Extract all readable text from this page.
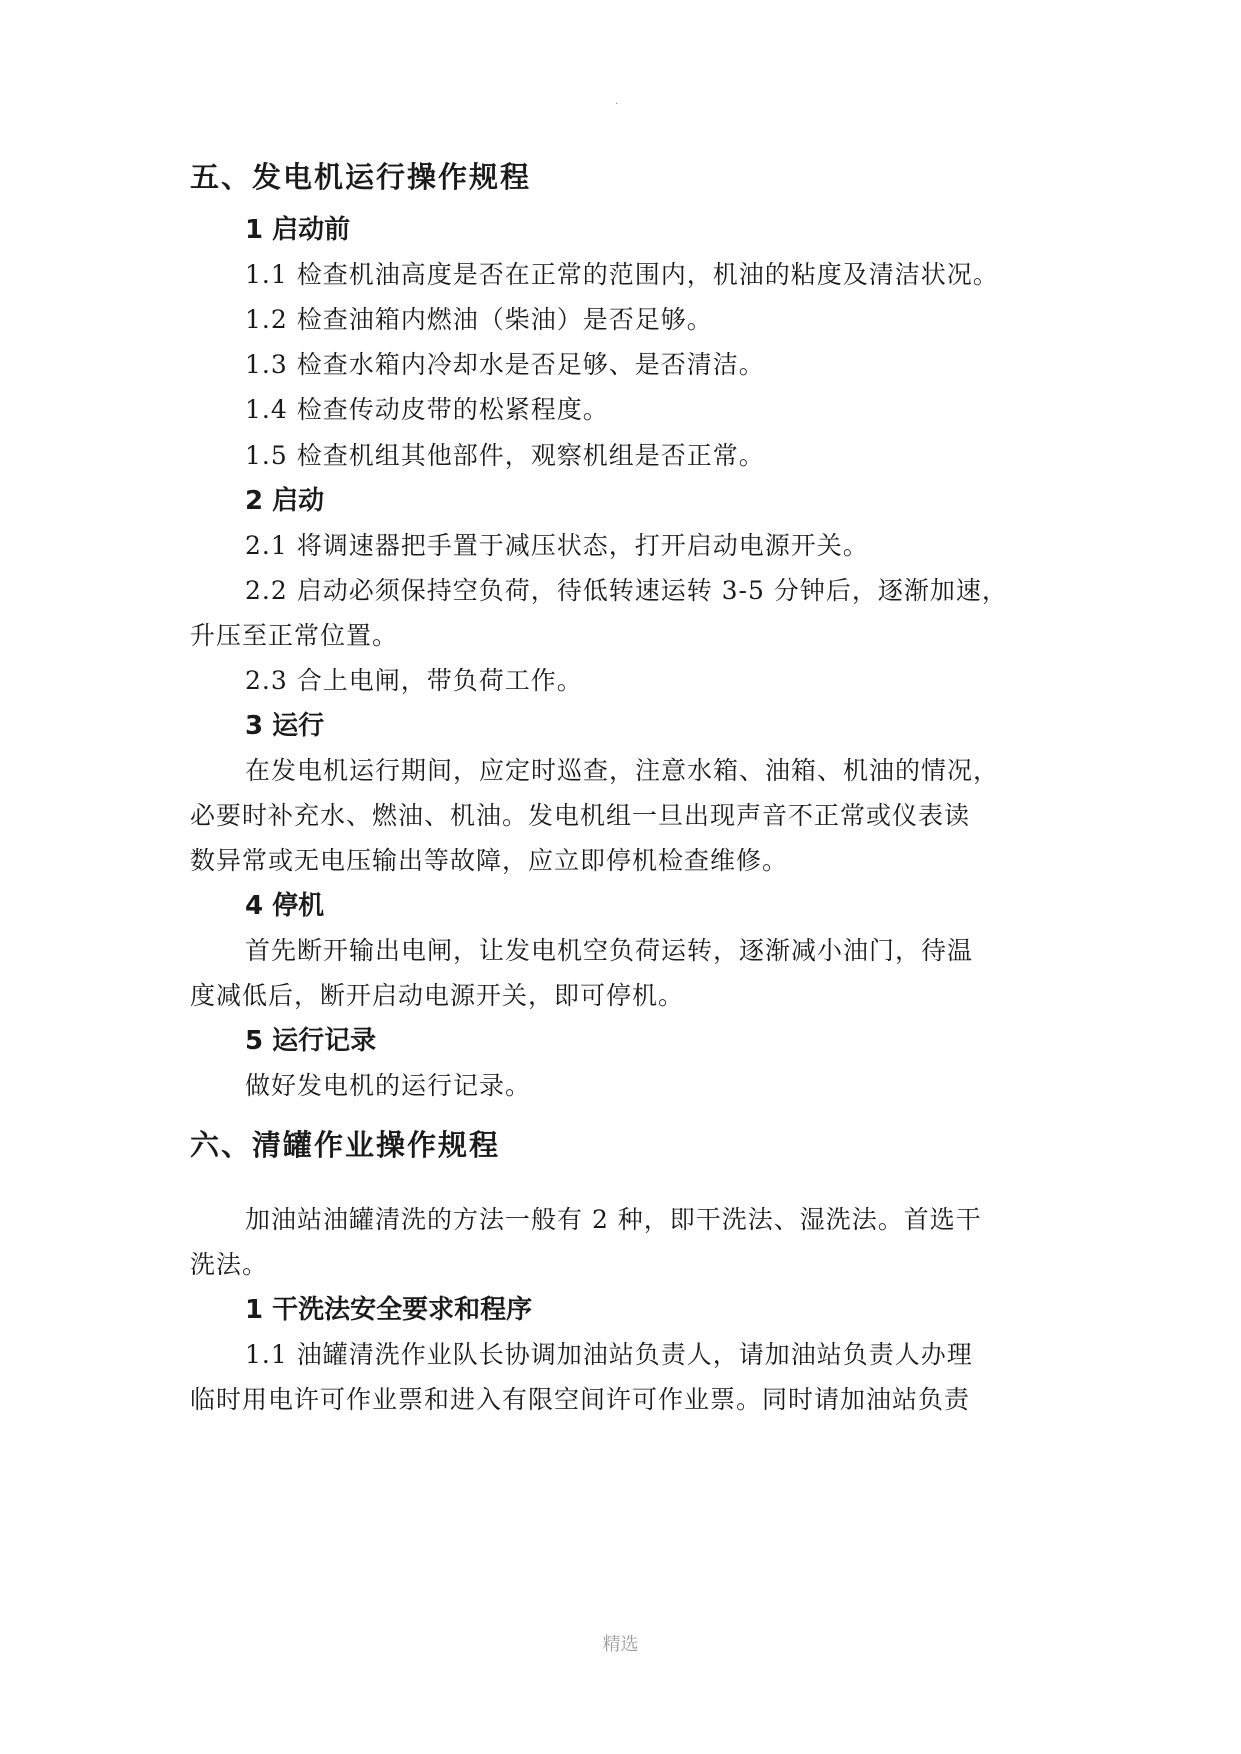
.
五、发电机运行操作规程
1 启动前
1.1 检查机油高度是否在正常的范围内，机油的粘度及清洁状况。
1.2 检查油箱内燃油（柴油）是否足够。
1.3 检查水箱内冷却水是否足够、是否清洁。
1.4 检查传动皮带的松紧程度。
1.5 检查机组其他部件，观察机组是否正常。
2 启动
2.1 将调速器把手置于减压状态，打开启动电源开关。
2.2 启动必须保持空负荷，待低转速运转 3-5 分钟后，逐渐加速，
升压至正常位置。
2.3 合上电闸，带负荷工作。
3 运行
在发电机运行期间，应定时巡查，注意水箱、油箱、机油的情况，
必要时补充水、燃油、机油。发电机组一旦出现声音不正常或仪表读
数异常或无电压输出等故障，应立即停机检查维修。
4 停机
首先断开输出电闸，让发电机空负荷运转，逐渐减小油门，待温
度减低后，断开启动电源开关，即可停机。
5 运行记录
做好发电机的运行记录。
六、清罐作业操作规程
加油站油罐清洗的方法一般有 2 种，即干洗法、湿洗法。首选干
洗法。
1 干洗法安全要求和程序
1.1 油罐清洗作业队长协调加油站负责人，请加油站负责人办理
临时用电许可作业票和进入有限空间许可作业票。同时请加油站负责
精选
